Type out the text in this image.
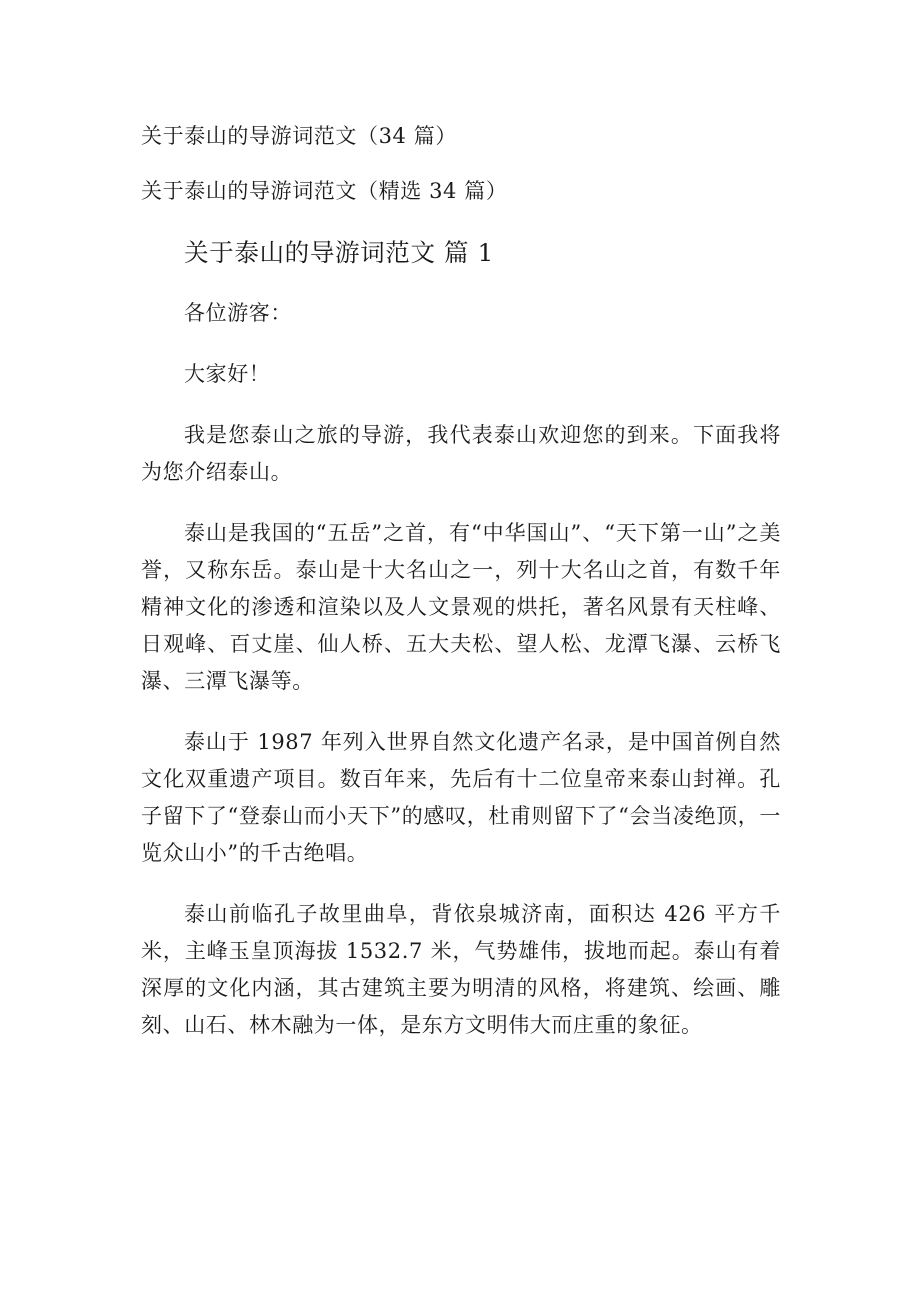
关于泰山的导游词范文（34 篇）
关于泰山的导游词范文（精选 34 篇）
关于泰山的导游词范文 篇 1

各位游客：

大家好！

我是您泰山之旅的导游，我代表泰山欢迎您的到来。下面我将为您介绍泰山。

泰山是我国的“五岳”之首，有“中华国山”、“天下第一山”之美誉，又称东岳。泰山是十大名山之一，列十大名山之首，有数千年精神文化的渗透和渲染以及人文景观的烘托，著名风景有天柱峰、日观峰、百丈崖、仙人桥、五大夫松、望人松、龙潭飞瀑、云桥飞瀑、三潭飞瀑等。

泰山于 1987 年列入世界自然文化遗产名录，是中国首例自然文化双重遗产项目。数百年来，先后有十二位皇帝来泰山封禅。孔子留下了“登泰山而小天下”的感叹，杜甫则留下了“会当凌绝顶，一览众山小”的千古绝唱。

泰山前临孔子故里曲阜，背依泉城济南，面积达 426 平方千米，主峰玉皇顶海拔 1532.7 米，气势雄伟，拔地而起。泰山有着深厚的文化内涵，其古建筑主要为明清的风格，将建筑、绘画、雕刻、山石、林木融为一体，是东方文明伟大而庄重的象征。
